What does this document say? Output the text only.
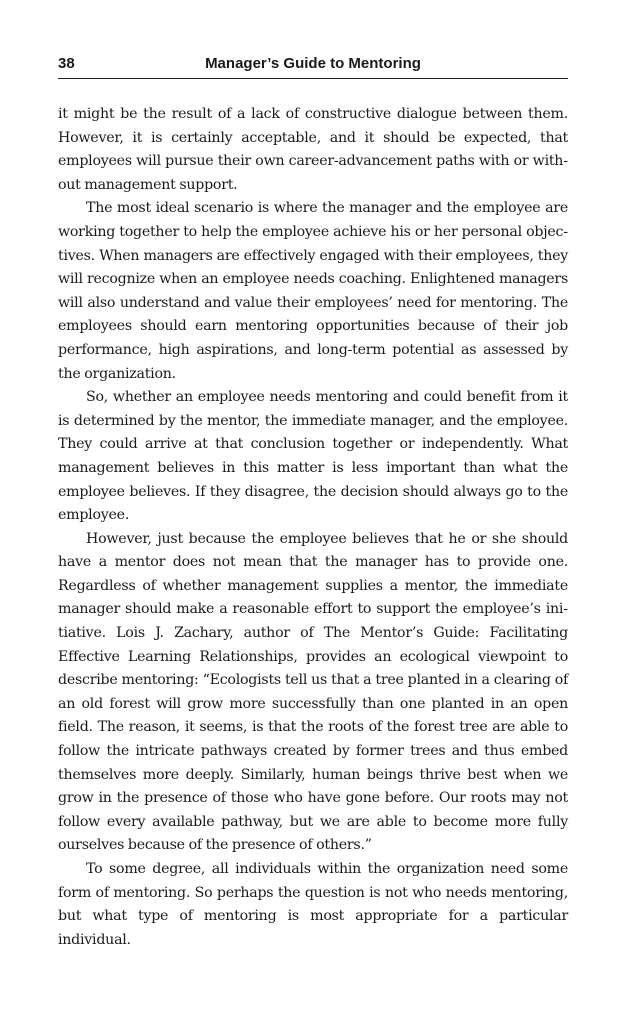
38	Manager’s Guide to Mentoring

it might be the result of a lack of constructive dialogue between them. However, it is certainly acceptable, and it should be expected, that employees will pursue their own career-advancement paths with or without management support.

The most ideal scenario is where the manager and the employee are working together to help the employee achieve his or her personal objectives. When managers are effectively engaged with their employees, they will recognize when an employee needs coaching. Enlightened managers will also understand and value their employees’ need for mentoring. The employees should earn mentoring opportunities because of their job performance, high aspirations, and long-term potential as assessed by the organization.

So, whether an employee needs mentoring and could benefit from it is determined by the mentor, the immediate manager, and the employee. They could arrive at that conclusion together or independently. What management believes in this matter is less important than what the employee believes. If they disagree, the decision should always go to the employee.

However, just because the employee believes that he or she should have a mentor does not mean that the manager has to provide one. Regardless of whether management supplies a mentor, the immediate manager should make a reasonable effort to support the employee’s initiative. Lois J. Zachary, author of The Mentor’s Guide: Facilitating Effective Learning Relationships, provides an ecological viewpoint to describe mentoring: “Ecologists tell us that a tree planted in a clearing of an old forest will grow more successfully than one planted in an open field. The reason, it seems, is that the roots of the forest tree are able to follow the intricate pathways created by former trees and thus embed themselves more deeply. Similarly, human beings thrive best when we grow in the presence of those who have gone before. Our roots may not follow every available pathway, but we are able to become more fully ourselves because of the presence of others.”

To some degree, all individuals within the organization need some form of mentoring. So perhaps the question is not who needs mentoring, but what type of mentoring is most appropriate for a particular individual.
